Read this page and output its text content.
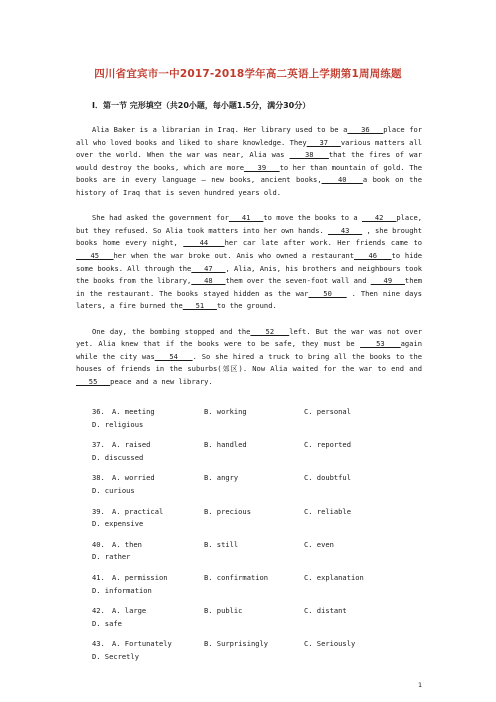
四川省宜宾市一中2017-2018学年高二英语上学期第1周周练题
I．第一节 完形填空（共20小题，每小题1.5分，满分30分）

Alia Baker is a librarian in Iraq. Her library used to be a   36   place for all who loved books and liked to share knowledge. They   37   various matters all over the world. When the war was near, Alia was    38   that the fires of war would destroy the books, which are more   39   to her than mountain of gold. The books are in every language — new books, ancient books,   40   a book on the history of Iraq that is seven hundred years old.

She had asked the government for   41   to move the books to a    42   place, but they refused. So Alia took matters into her own hands.    43    , she brought books home every night,    44   her car late after work. Her friends came to   45   her when the war broke out. Anis who owned a restaurant   46   to hide some books. All through the   47   , Alia, Anis, his brothers and neighbours took the books from the library,   48   them over the seven-foot wall and    49   them in the restaurant. The books stayed hidden as the war   50    . Then nine days laters, a fire burned the   51   to the ground.

One day, the bombing stopped and the   52   left. But the war was not over yet. Alia knew that if the books were to be safe, they must be    53   again while the city was   54   . So she hired a truck to bring all the books to the houses of friends in the suburbs(郊区). Now Alia waited for the war to end and   55   peace and a new library.

36. A. meeting	B. working	C. personal
D. religious
37. A. raised	B. handled	C. reported
D. discussed
38. A. worried	B. angry	C. doubtful
D. curious
39. A. practical	B. precious	C. reliable
D. expensive
40. A. then	B. still	C. even
D. rather
41. A. permission	B. confirmation	C. explanation
D. information
42. A. large	B. public	C. distant
D. safe
43. A. Fortunately	B. Surprisingly	C. Seriously
D. Secretly
1
